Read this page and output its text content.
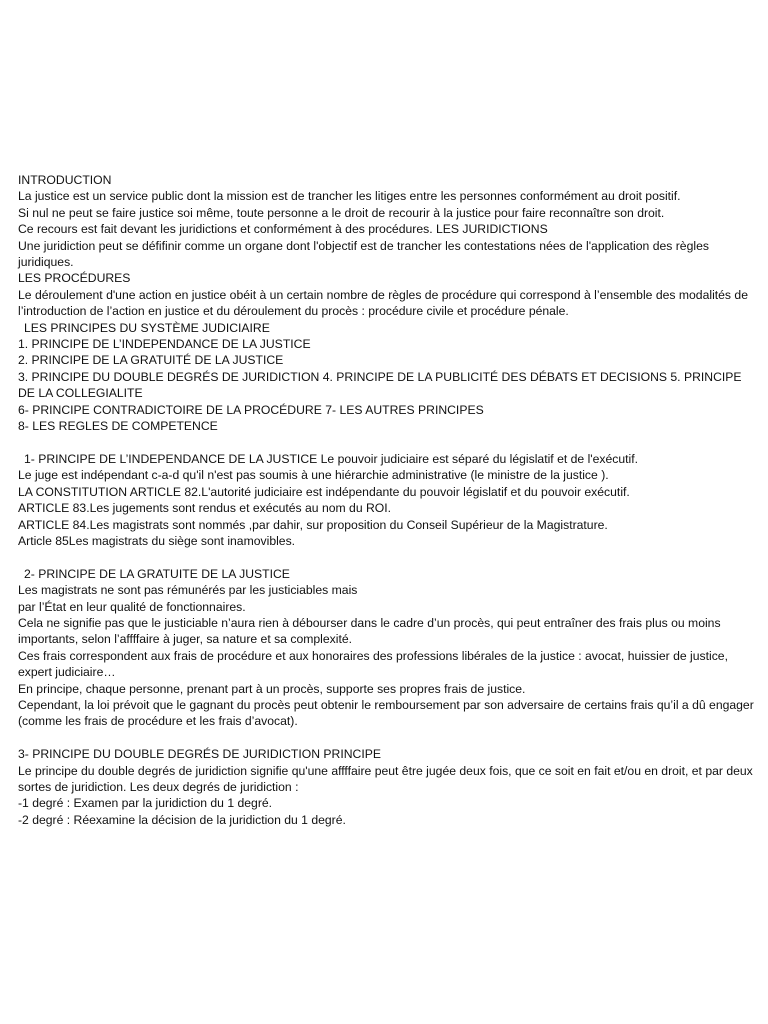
INTRODUCTION

La justice est un service public dont la mission est de trancher les litiges entre les personnes conformément au droit positif.

Si nul ne peut se faire justice soi même, toute personne a le droit de recourir à la justice pour faire reconnaître son droit.

Ce recours est fait devant les juridictions et conformément à des procédures. LES JURIDICTIONS

Une juridiction peut se défifinir comme un organe dont l'objectif est de trancher les contestations nées de l'application des règles juridiques.

LES PROCÉDURES

Le déroulement d'une action en justice obéit à un certain nombre de règles de procédure qui correspond à l’ensemble des modalités de l’introduction de l’action en justice et du déroulement du procès : procédure civile et procédure pénale.

LES PRINCIPES DU SYSTÈME JUDICIAIRE

1. PRINCIPE DE L’INDEPENDANCE DE LA JUSTICE

2. PRINCIPE DE LA GRATUITÉ DE LA JUSTICE

3. PRINCIPE DU DOUBLE DEGRÉS DE JURIDICTION 4. PRINCIPE DE LA PUBLICITÉ DES DÉBATS ET DECISIONS 5. PRINCIPE DE LA COLLEGIALITE

6- PRINCIPE CONTRADICTOIRE DE LA PROCÉDURE 7- LES AUTRES PRINCIPES

8- LES REGLES DE COMPETENCE

1- PRINCIPE DE L’INDEPENDANCE DE LA JUSTICE Le pouvoir judiciaire est séparé du législatif et de l'exécutif.

Le juge est indépendant c-a-d qu'il n'est pas soumis à une hiérarchie administrative (le ministre de la justice ).

LA CONSTITUTION ARTICLE 82.L'autorité judiciaire est indépendante du pouvoir législatif et du pouvoir exécutif.

ARTICLE 83.Les jugements sont rendus et exécutés au nom du ROI.

ARTICLE 84.Les magistrats sont nommés ,par dahir, sur proposition du Conseil Supérieur de la Magistrature.

Article 85Les magistrats du siège sont inamovibles.

2- PRINCIPE DE LA GRATUITE DE LA JUSTICE

Les magistrats ne sont pas rémunérés par les justiciables mais

par l’État en leur qualité de fonctionnaires.

Cela ne signifie pas que le justiciable n’aura rien à débourser dans le cadre d’un procès, qui peut entraîner des frais plus ou moins importants, selon l’affffaire à juger, sa nature et sa complexité.

Ces frais correspondent aux frais de procédure et aux honoraires des professions libérales de la justice : avocat, huissier de justice, expert judiciaire…

En principe, chaque personne, prenant part à un procès, supporte ses propres frais de justice.

Cependant, la loi prévoit que le gagnant du procès peut obtenir le remboursement par son adversaire de certains frais qu’il a dû engager (comme les frais de procédure et les frais d’avocat).

3- PRINCIPE DU DOUBLE DEGRÉS DE JURIDICTION PRINCIPE

Le principe du double degrés de juridiction signifie qu'une affffaire peut être jugée deux fois, que ce soit en fait et/ou en droit, et par deux sortes de juridiction. Les deux degrés de juridiction :

-1 degré : Examen par la juridiction du 1 degré.

-2 degré : Réexamine la décision de la juridiction du 1 degré.
